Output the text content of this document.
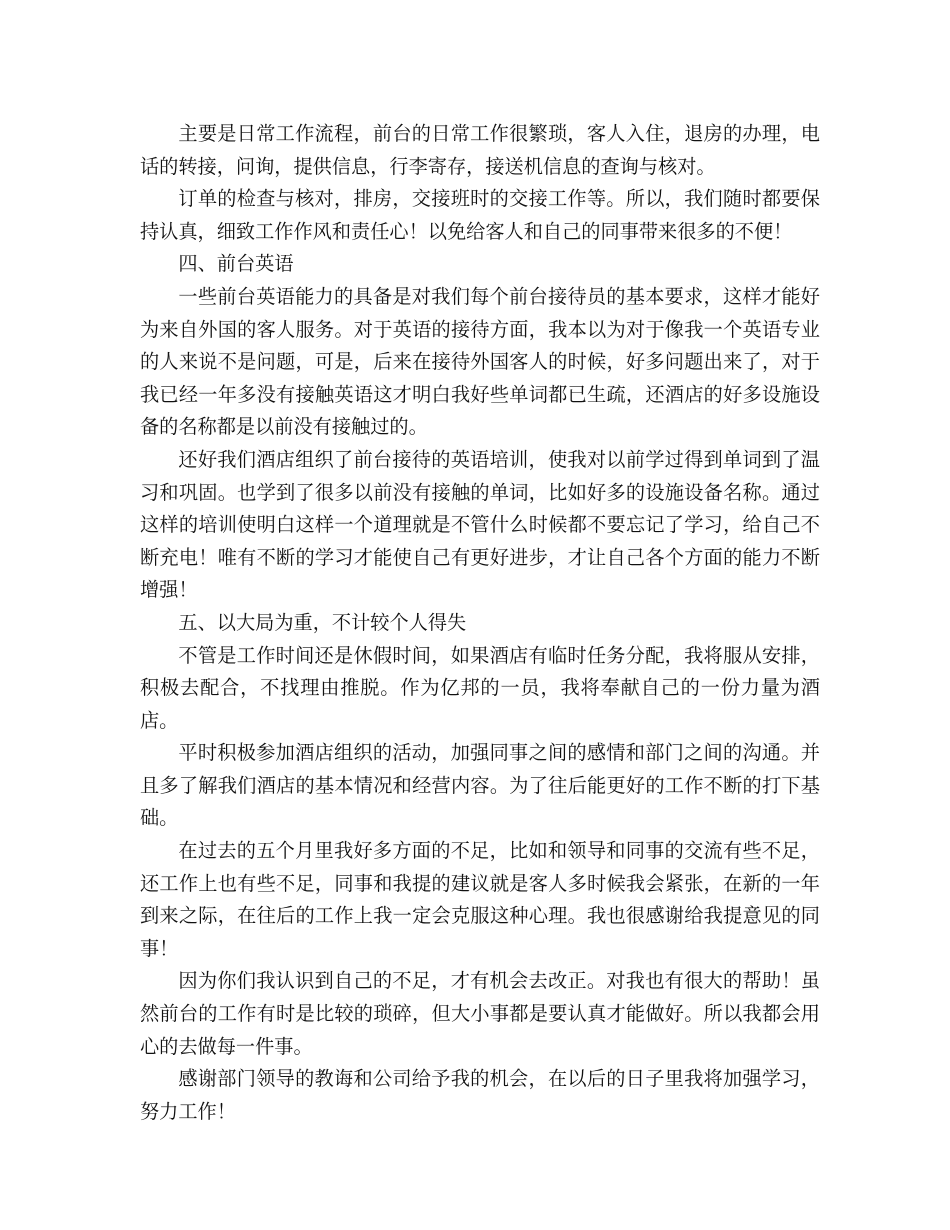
主要是日常工作流程，前台的日常工作很繁琐，客人入住，退房的办理，电话的转接，问询，提供信息，行李寄存，接送机信息的查询与核对。

订单的检查与核对，排房，交接班时的交接工作等。所以，我们随时都要保持认真，细致工作作风和责任心！以免给客人和自己的同事带来很多的不便！

四、前台英语

一些前台英语能力的具备是对我们每个前台接待员的基本要求，这样才能好为来自外国的客人服务。对于英语的接待方面，我本以为对于像我一个英语专业的人来说不是问题，可是，后来在接待外国客人的时候，好多问题出来了，对于我已经一年多没有接触英语这才明白我好些单词都已生疏，还酒店的好多设施设备的名称都是以前没有接触过的。

还好我们酒店组织了前台接待的英语培训，使我对以前学过得到单词到了温习和巩固。也学到了很多以前没有接触的单词，比如好多的设施设备名称。通过这样的培训使明白这样一个道理就是不管什么时候都不要忘记了学习，给自己不断充电！唯有不断的学习才能使自己有更好进步，才让自己各个方面的能力不断增强！

五、以大局为重，不计较个人得失

不管是工作时间还是休假时间，如果酒店有临时任务分配，我将服从安排，积极去配合，不找理由推脱。作为亿邦的一员，我将奉献自己的一份力量为酒店。

平时积极参加酒店组织的活动，加强同事之间的感情和部门之间的沟通。并且多了解我们酒店的基本情况和经营内容。为了往后能更好的工作不断的打下基础。

在过去的五个月里我好多方面的不足，比如和领导和同事的交流有些不足，还工作上也有些不足，同事和我提的建议就是客人多时候我会紧张，在新的一年到来之际，在往后的工作上我一定会克服这种心理。我也很感谢给我提意见的同事！

因为你们我认识到自己的不足，才有机会去改正。对我也有很大的帮助！虽然前台的工作有时是比较的琐碎，但大小事都是要认真才能做好。所以我都会用心的去做每一件事。

感谢部门领导的教诲和公司给予我的机会，在以后的日子里我将加强学习，努力工作！
